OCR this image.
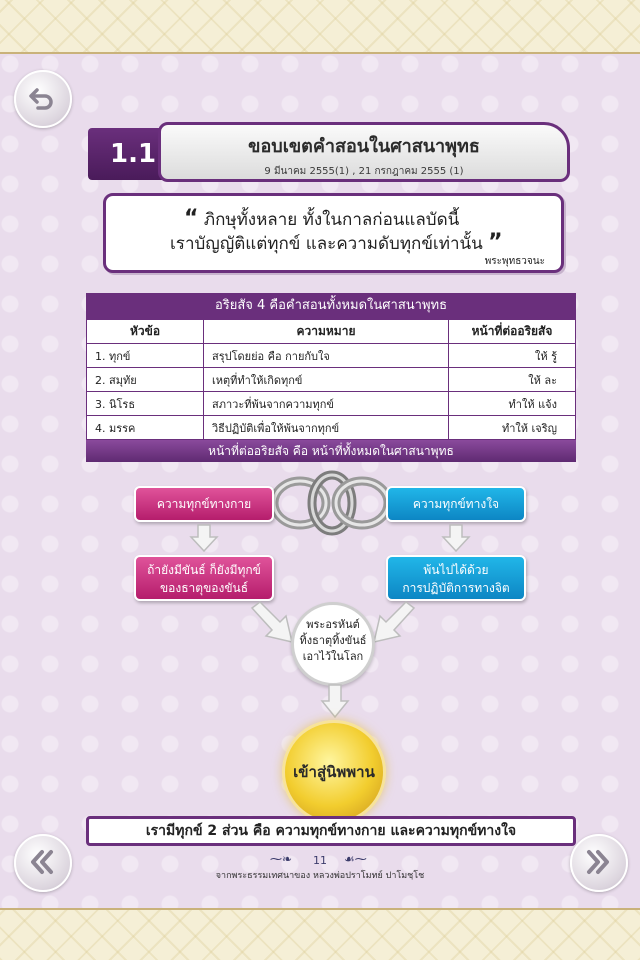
1.1	ขอบเขตคำสอนในศาสนาพุทธ
9 มีนาคม 2555(1) , 21 กรกฎาคม 2555 (1)
“ ภิกษุทั้งหลาย ทั้งในกาลก่อนแลบัดนี้
เราบัญญัติแต่ทุกข์ และความดับทุกข์เท่านั้น ”
พระพุทธวจนะ
อริยสัจ 4 คือคำสอนทั้งหมดในศาสนาพุทธ
หัวข้อ	ความหมาย	หน้าที่ต่ออริยสัจ
1. ทุกข์	สรุปโดยย่อ คือ กายกับใจ	ให้ รู้
2. สมุทัย	เหตุที่ทำให้เกิดทุกข์	ให้ ละ
3. นิโรธ	สภาวะที่พ้นจากความทุกข์	ทำให้ แจ้ง
4. มรรค	วิธีปฏิบัติเพื่อให้พ้นจากทุกข์	ทำให้ เจริญ
หน้าที่ต่ออริยสัจ คือ หน้าที่ทั้งหมดในศาสนาพุทธ
ความทุกข์ทางกาย	ความทุกข์ทางใจ
ถ้ายังมีขันธ์ ก็ยังมีทุกข์
ของธาตุของขันธ์
พ้นไปได้ด้วย
การปฏิบัติการทางจิต
พระอรหันต์
ทิ้งธาตุทิ้งขันธ์
เอาไว้ในโลก
เข้าสู่นิพพาน
เรามีทุกข์ 2 ส่วน คือ ความทุกข์ทางกาย และความทุกข์ทางใจ
⁓❧	11	☙⁓
จากพระธรรมเทศนาของ หลวงพ่อปราโมทย์ ปาโมชฺโช
